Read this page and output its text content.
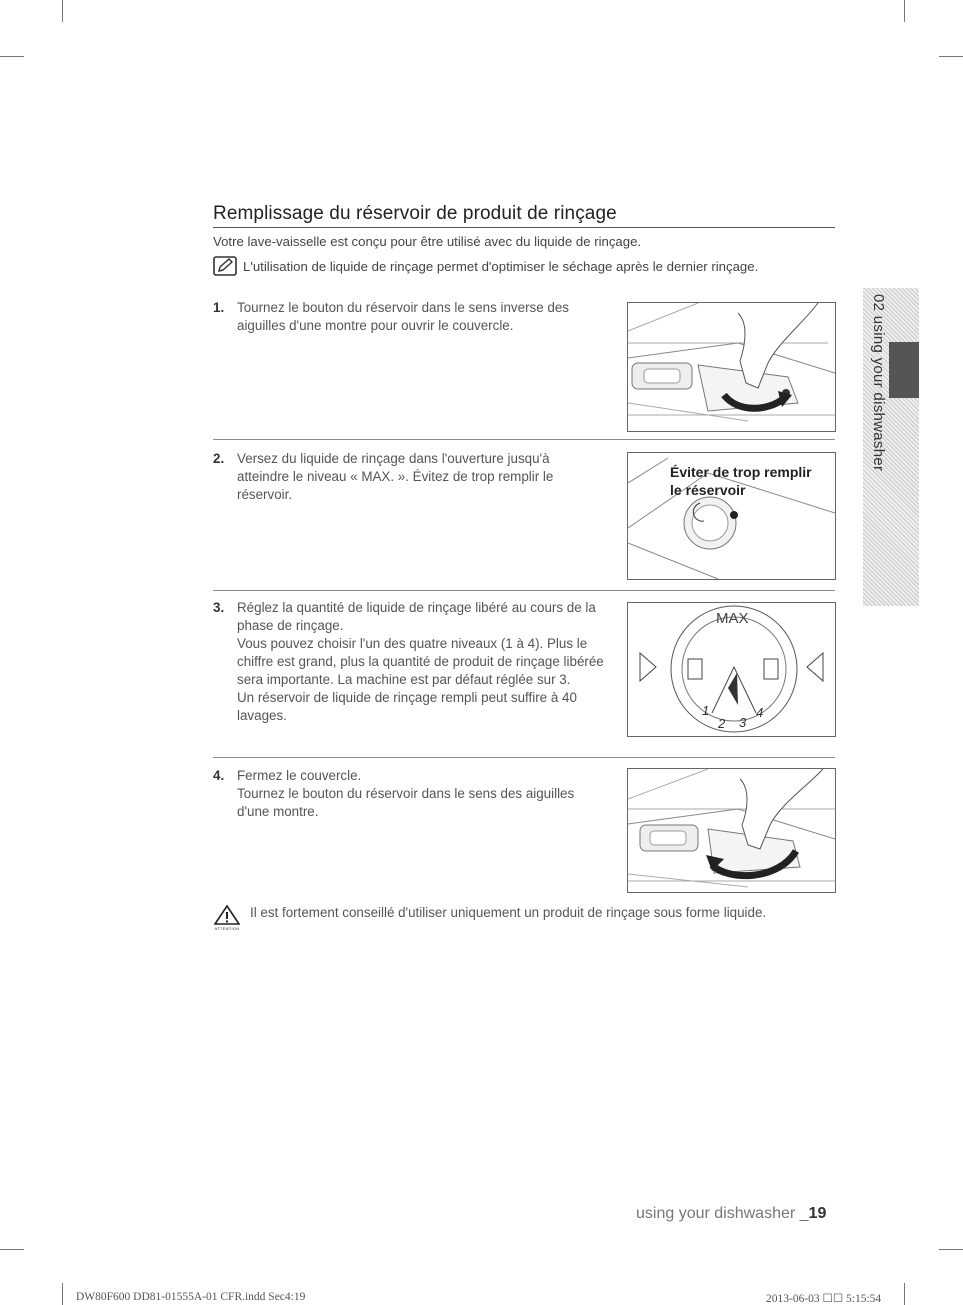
Remplissage du réservoir de produit de rinçage
Votre lave-vaisselle est conçu pour être utilisé avec du liquide de rinçage.
L'utilisation de liquide de rinçage permet d'optimiser le séchage après le dernier rinçage.
1. Tournez le bouton du réservoir dans le sens inverse des aiguilles d'une montre pour ouvrir le couvercle.
2. Versez du liquide de rinçage dans l'ouverture jusqu'à atteindre le niveau « MAX. ». Évitez de trop remplir le réservoir.
Éviter de trop remplir
le réservoir
3. Réglez la quantité de liquide de rinçage libéré au cours de la phase de rinçage.
Vous pouvez choisir l'un des quatre niveaux (1 à 4). Plus le chiffre est grand, plus la quantité de produit de rinçage libérée sera importante. La machine est par défaut réglée sur 3.
Un réservoir de liquide de rinçage rempli peut suffire à 40 lavages.
MAX
1
2 3
4
4. Fermez le couvercle.
Tournez le bouton du réservoir dans le sens des aiguilles d'une montre.
ATTENTION
Il est fortement conseillé d'utiliser uniquement un produit de rinçage sous forme liquide.
02 using your dishwasher
using your dishwasher _19
DW80F600 DD81-01555A-01 CFR.indd Sec4:19	2013-06-03 ☐☐ 5:15:54
